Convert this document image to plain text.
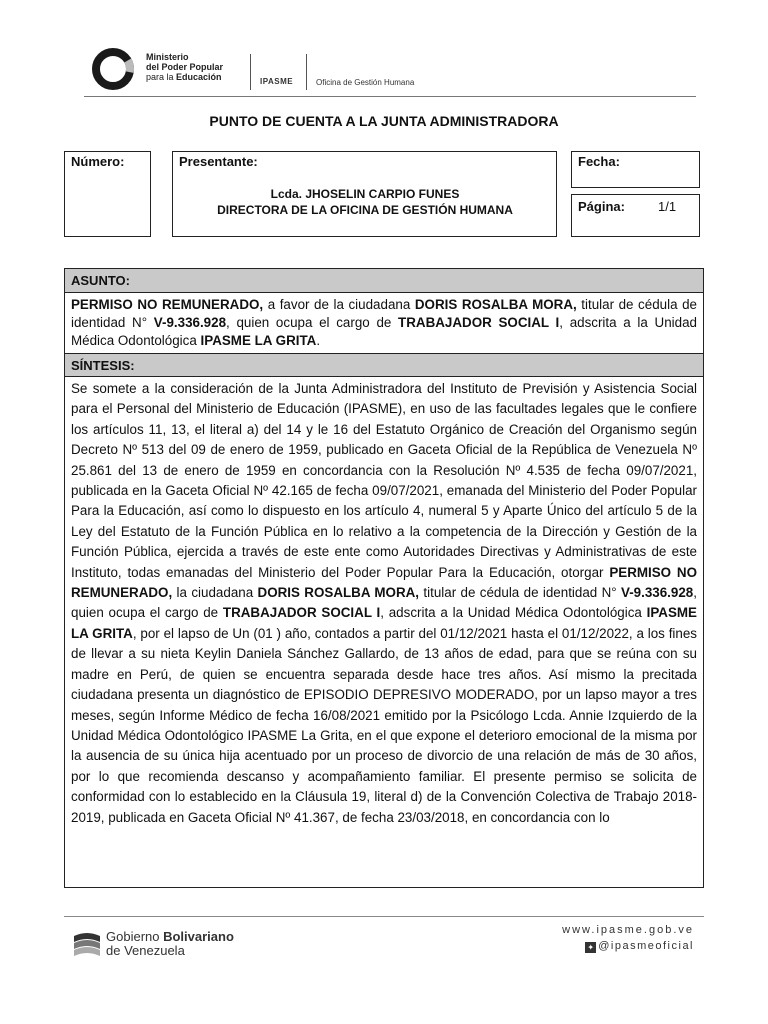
Ministerio
del Poder Popular
para la Educación	IPASME	Oficina de Gestión Humana
PUNTO DE CUENTA A LA JUNTA ADMINISTRADORA
Número:	Presentante:
Lcda. JHOSELIN CARPIO FUNES
DIRECTORA DE LA OFICINA DE GESTIÓN HUMANA
Fecha:
Página:	1/1
ASUNTO:
PERMISO NO REMUNERADO, a favor de la ciudadana DORIS ROSALBA MORA, titular de cédula de identidad N° V-9.336.928, quien ocupa el cargo de TRABAJADOR SOCIAL I, adscrita a la Unidad Médica Odontológica IPASME LA GRITA.
SÍNTESIS:
Se somete a la consideración de la Junta Administradora del Instituto de Previsión y Asistencia Social para el Personal del Ministerio de Educación (IPASME), en uso de las facultades legales que le confiere los artículos 11, 13, el literal a) del 14 y le 16 del Estatuto Orgánico de Creación del Organismo según Decreto Nº 513 del 09 de enero de 1959, publicado en Gaceta Oficial de la República de Venezuela Nº 25.861 del 13 de enero de 1959 en concordancia con la Resolución Nº 4.535 de fecha 09/07/2021, publicada en la Gaceta Oficial Nº 42.165 de fecha 09/07/2021, emanada del Ministerio del Poder Popular Para la Educación, así como lo dispuesto en los artículo 4, numeral 5 y Aparte Único del artículo 5 de la Ley del Estatuto de la Función Pública en lo relativo a la competencia de la Dirección y Gestión de la Función Pública, ejercida a través de este ente como Autoridades Directivas y Administrativas de este Instituto, todas emanadas del Ministerio del Poder Popular Para la Educación, otorgar PERMISO NO REMUNERADO, la ciudadana DORIS ROSALBA MORA, titular de cédula de identidad N° V-9.336.928, quien ocupa el cargo de TRABAJADOR SOCIAL I, adscrita a la Unidad Médica Odontológica IPASME LA GRITA, por el lapso de Un (01 ) año, contados a partir del 01/12/2021 hasta el 01/12/2022, a los fines de llevar a su nieta Keylin Daniela Sánchez Gallardo, de 13 años de edad, para que se reúna con su madre en Perú, de quien se encuentra separada desde hace tres años. Así mismo la precitada ciudadana presenta un diagnóstico de EPISODIO DEPRESIVO MODERADO, por un lapso mayor a tres meses, según Informe Médico de fecha 16/08/2021 emitido por la Psicólogo Lcda. Annie Izquierdo de la Unidad Médica Odontológico IPASME La Grita, en el que expone el deterioro emocional de la misma por la ausencia de su única hija acentuado por un proceso de divorcio de una relación de más de 30 años, por lo que recomienda descanso y acompañamiento familiar. El presente permiso se solicita de conformidad con lo establecido en la Cláusula 19, literal d) de la Convención Colectiva de Trabajo 2018-2019, publicada en Gaceta Oficial Nº 41.367, de fecha 23/03/2018, en concordancia con lo
Gobierno Bolivariano
de Venezuela
www.ipasme.gob.ve
✦ @ipasmeoficial
